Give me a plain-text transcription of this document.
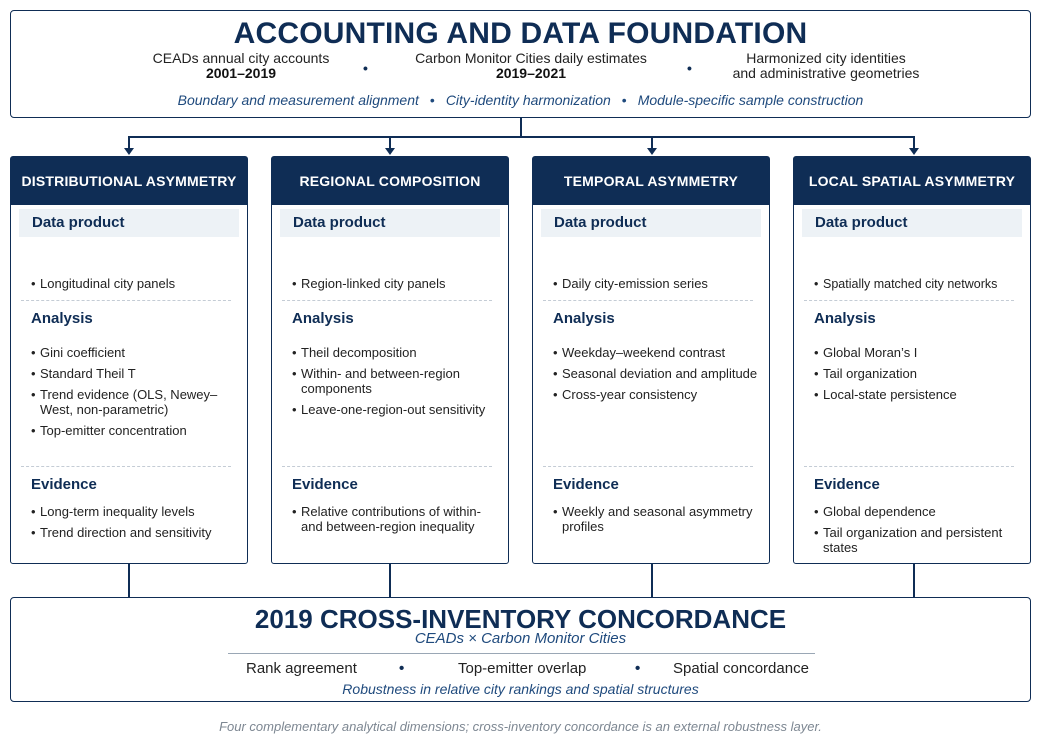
ACCOUNTING AND DATA FOUNDATION
CEADs annual city accounts
2001–2019	•
Carbon Monitor Cities daily estimates
2019–2021	•
Harmonized city identities
and administrative geometries
Boundary and measurement alignment • City-identity harmonization • Module-specific sample construction
DISTRIBUTIONAL ASYMMETRY
Data product
• Longitudinal city panels
Analysis
• Gini coefficient
• Standard Theil T
• Trend evidence (OLS, Newey–West, non-parametric)
• Top-emitter concentration
Evidence
• Long-term inequality levels
• Trend direction and sensitivity
REGIONAL COMPOSITION
Data product
• Region-linked city panels
Analysis
• Theil decomposition
• Within- and between-region components
• Leave-one-region-out sensitivity
Evidence
• Relative contributions of within- and between-region inequality
TEMPORAL ASYMMETRY
Data product
• Daily city-emission series
Analysis
• Weekday–weekend contrast
• Seasonal deviation and amplitude
• Cross-year consistency
Evidence
• Weekly and seasonal asymmetry profiles
LOCAL SPATIAL ASYMMETRY
Data product
• Spatially matched city networks
Analysis
• Global Moran’s I
• Tail organization
• Local-state persistence
Evidence
• Global dependence
• Tail organization and persistent states
2019 CROSS-INVENTORY CONCORDANCE
CEADs × Carbon Monitor Cities
Rank agreement	•	Top-emitter overlap	• Spatial concordance
Robustness in relative city rankings and spatial structures
Four complementary analytical dimensions; cross-inventory concordance is an external robustness layer.
